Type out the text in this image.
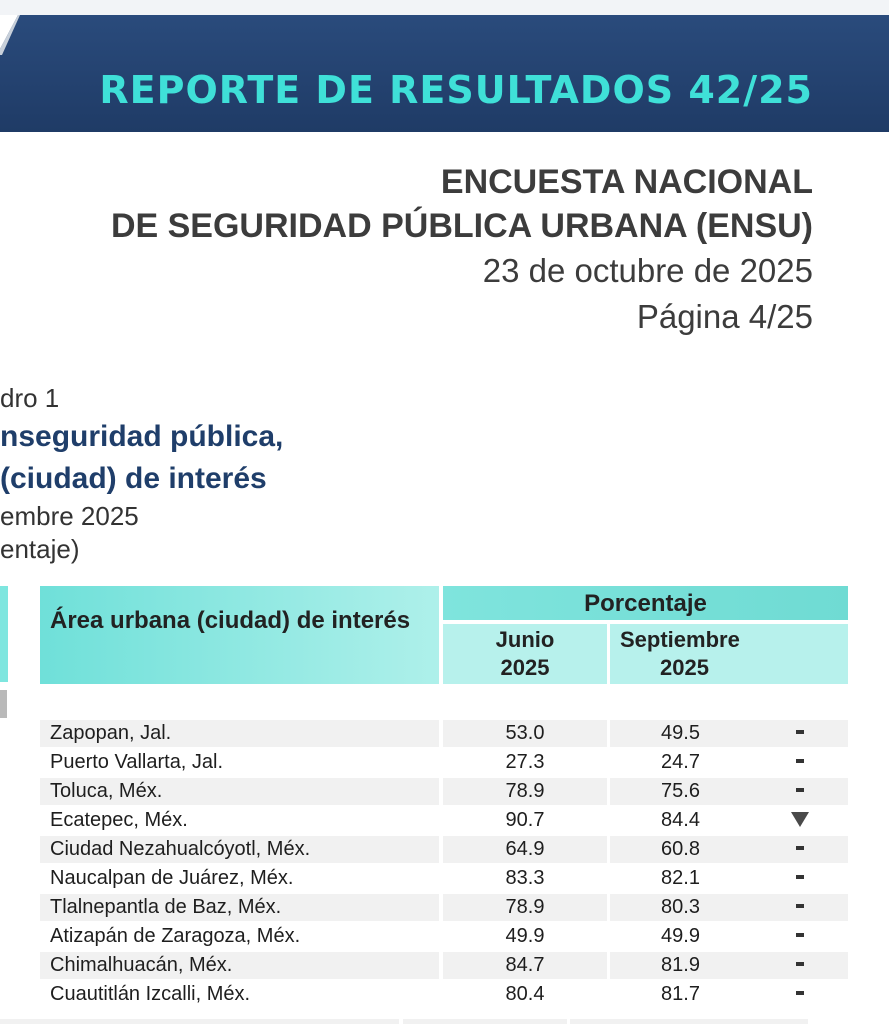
REPORTE DE RESULTADOS 42/25

ENCUESTA NACIONAL

DE SEGURIDAD PÚBLICA URBANA (ENSU)

23 de octubre de 2025

Página 4/25

dro 1

nseguridad pública,

(ciudad) de interés

embre 2025

entaje)

Área urbana (ciudad) de interés
Porcentaje
Junio
2025
Septiembre
2025
Zapopan, Jal.	53.0	49.5
Puerto Vallarta, Jal.	27.3	24.7
Toluca, Méx.	78.9	75.6
Ecatepec, Méx.	90.7	84.4
Ciudad Nezahualcóyotl, Méx.	64.9	60.8
Naucalpan de Juárez, Méx.	83.3	82.1
Tlalnepantla de Baz, Méx.	78.9	80.3
Atizapán de Zaragoza, Méx.	49.9	49.9
Chimalhuacán, Méx.	84.7	81.9
Cuautitlán Izcalli, Méx.	80.4	81.7
